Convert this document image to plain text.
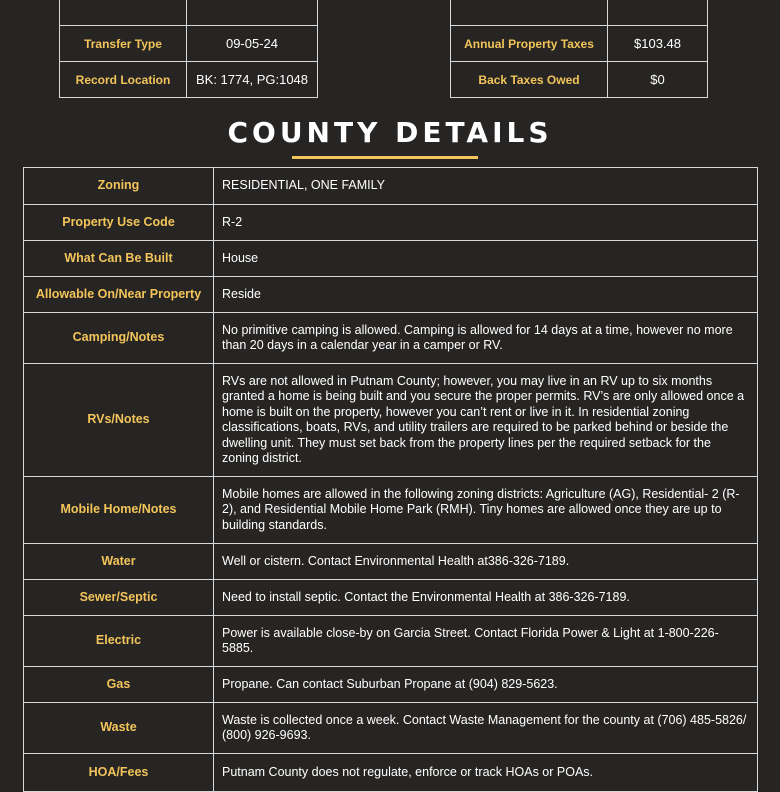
Transfer Type	09-05-24
Record Location	BK: 1774, PG:1048

Annual Property Taxes	$103.48
Back Taxes Owed	$0
COUNTY DETAILS
Zoning	RESIDENTIAL, ONE FAMILY
Property Use Code	R-2
What Can Be Built	House
Allowable On/Near Property	Reside
Camping/Notes	No primitive camping is allowed. Camping is allowed for 14 days at a time, however no more than 20 days in a calendar year in a camper or RV.
RVs/Notes	RVs are not allowed in Putnam County; however, you may live in an RV up to six months granted a home is being built and you secure the proper permits. RV’s are only allowed once a home is built on the property, however you can’t rent or live in it. In residential zoning classifications, boats, RVs, and utility trailers are required to be parked behind or beside the dwelling unit. They must set back from the property lines per the required setback for the zoning district.
Mobile Home/Notes	Mobile homes are allowed in the following zoning districts: Agriculture (AG), Residential- 2 (R-2), and Residential Mobile Home Park (RMH). Tiny homes are allowed once they are up to building standards.
Water	Well or cistern. Contact Environmental Health at386-326-7189.
Sewer/Septic	Need to install septic. Contact the Environmental Health at 386-326-7189.
Electric	Power is available close-by on Garcia Street. Contact Florida Power & Light at 1-800-226-5885.
Gas	Propane. Can contact Suburban Propane at (904) 829-5623.
Waste	Waste is collected once a week. Contact Waste Management for the county at (706) 485-5826/ (800) 926-9693.
HOA/Fees	Putnam County does not regulate, enforce or track HOAs or POAs.
